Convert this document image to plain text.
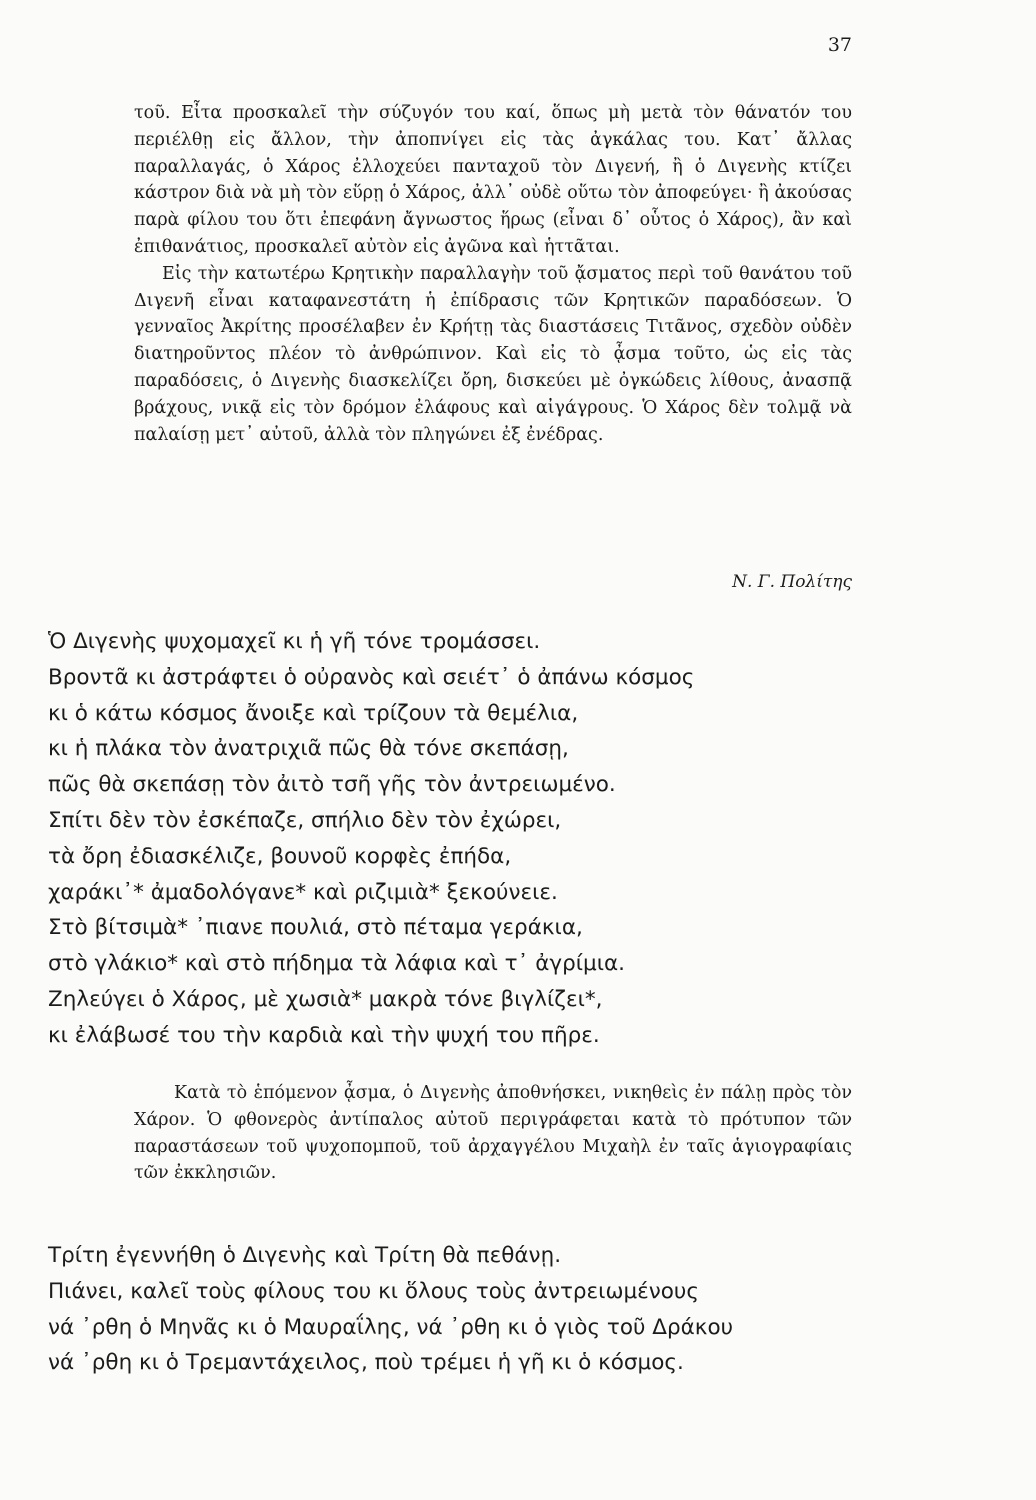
37

τοῦ. Εἶτα προσκαλεῖ τὴν σύζυγόν του καί, ὅπως μὴ μετὰ τὸν θάνατόν του περιέλθῃ εἰς ἄλλον, τὴν ἀποπνίγει εἰς τὰς ἀγκάλας του. Κατ᾽ ἄλλας παραλλαγάς, ὁ Χάρος ἐλλοχεύει πανταχοῦ τὸν Διγενή, ἢ ὁ Διγενὴς κτίζει κάστρον διὰ νὰ μὴ τὸν εὕρῃ ὁ Χάρος, ἀλλ᾽ οὐδὲ οὕτω τὸν ἀποφεύγει· ἢ ἀκούσας παρὰ φίλου του ὅτι ἐπεφάνη ἄγνωστος ἥρως (εἶναι δ᾽ οὗτος ὁ Χάρος), ἂν καὶ ἐπιθανάτιος, προσκαλεῖ αὐτὸν εἰς ἀγῶνα καὶ ἡττᾶται.

Εἰς τὴν κατωτέρω Κρητικὴν παραλλαγὴν τοῦ ᾄσματος περὶ τοῦ θανάτου τοῦ Διγενῆ εἶναι καταφανεστάτη ἡ ἐπίδρασις τῶν Κρητικῶν παραδόσεων. Ὁ γενναῖος Ἀκρίτης προσέλαβεν ἐν Κρήτῃ τὰς διαστάσεις Τιτᾶνος, σχεδὸν οὐδὲν διατηροῦντος πλέον τὸ ἀνθρώπινον. Καὶ εἰς τὸ ᾆσμα τοῦτο, ὡς εἰς τὰς παραδόσεις, ὁ Διγενὴς διασκελίζει ὄρη, δισκεύει μὲ ὀγκώδεις λίθους, ἀνασπᾷ βράχους, νικᾷ εἰς τὸν δρόμον ἐλάφους καὶ αἰγάγρους. Ὁ Χάρος δὲν τολμᾷ νὰ παλαίσῃ μετ᾽ αὐτοῦ, ἀλλὰ τὸν πληγώνει ἐξ ἐνέδρας.

Ν. Γ. Πολίτης
Ὁ Διγενὴς ψυχομαχεῖ κι ἡ γῆ τόνε τρομάσσει.
Βροντᾶ κι ἀστράφτει ὁ οὐρανὸς καὶ σειέτ᾽ ὁ ἀπάνω κόσμος
κι ὁ κάτω κόσμος ἄνοιξε καὶ τρίζουν τὰ θεμέλια,
κι ἡ πλάκα τὸν ἀνατριχιᾶ πῶς θὰ τόνε σκεπάσῃ,
πῶς θὰ σκεπάσῃ τὸν ἀιτὸ τσῆ γῆς τὸν ἀντρειωμένο.
Σπίτι δὲν τὸν ἐσκέπαζε, σπήλιο δὲν τὸν ἐχώρει,
τὰ ὄρη ἐδιασκέλιζε, βουνοῦ κορφὲς ἐπήδα,
χαράκι᾽* ἀμαδολόγανε* καὶ ριζιμιὰ* ξεκούνειε.
Στὸ βίτσιμὰ* ᾽πιανε πουλιά, στὸ πέταμα γεράκια,
στὸ γλάκιο* καὶ στὸ πήδημα τὰ λάφια καὶ τ᾽ ἀγρίμια.
Ζηλεύγει ὁ Χάρος, μὲ χωσιὰ* μακρὰ τόνε βιγλίζει*,
κι ἐλάβωσέ του τὴν καρδιὰ καὶ τὴν ψυχή του πῆρε.

Κατὰ τὸ ἑπόμενον ᾆσμα, ὁ Διγενὴς ἀποθνήσκει, νικηθεὶς ἐν πάλῃ πρὸς τὸν Χάρον. Ὁ φθονερὸς ἀντίπαλος αὐτοῦ περιγράφεται κατὰ τὸ πρότυπον τῶν παραστάσεων τοῦ ψυχοπομποῦ, τοῦ ἀρχαγγέλου Μιχαὴλ ἐν ταῖς ἁγιογραφίαις τῶν ἐκκλησιῶν.

Τρίτη ἐγεννήθη ὁ Διγενὴς καὶ Τρίτη θὰ πεθάνῃ.
Πιάνει, καλεῖ τοὺς φίλους του κι ὅλους τοὺς ἀντρειωμένους
νά ᾽ρθη ὁ Μηνᾶς κι ὁ Μαυραΐλης, νά ᾽ρθη κι ὁ γιὸς τοῦ Δράκου
νά ᾽ρθη κι ὁ Τρεμαντάχειλος, ποὺ τρέμει ἡ γῆ κι ὁ κόσμος.
